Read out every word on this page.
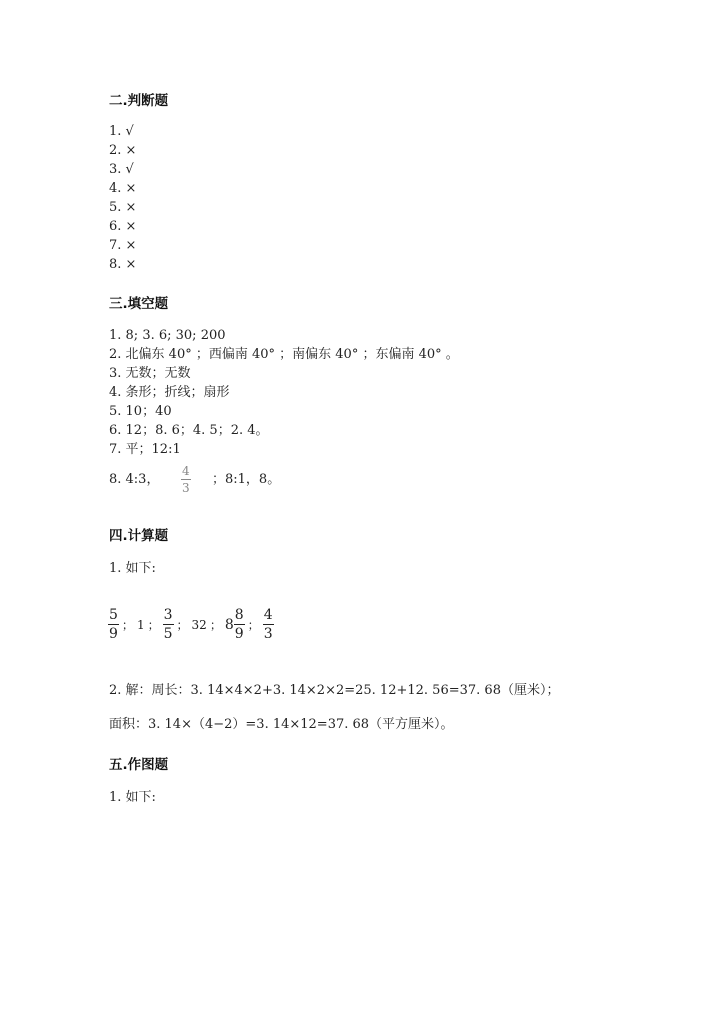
二.判断题
1. √
2. ×
3. √
4. ×
5. ×
6. ×
7. ×
8. ×
三.填空题
1. 8; 3. 6; 30; 200
2. 北偏东 40° ；西偏南 40° ；南偏东 40° ；东偏南 40° 。
3. 无数；无数
4. 条形；折线；扇形
5. 10；40
6. 12；8. 6；4. 5；2. 4。
7. 平；12:1
8. 4:3， $\frac{4}{3}$ ；8:1，8。
四.计算题
1. 如下:
$\frac{5}{9}$ ； 1 ； $\frac{3}{5}$ ； 32 ； $8 \frac{8}{9}$ ； $\frac{4}{3}$
2. 解：周长：3. 14×4×2+3. 14×2×2=25. 12+12. 56=37. 68（厘米）；
面积：3. 14×（4−2）=3. 14×12=37. 68（平方厘米）。
五.作图题
1. 如下:
